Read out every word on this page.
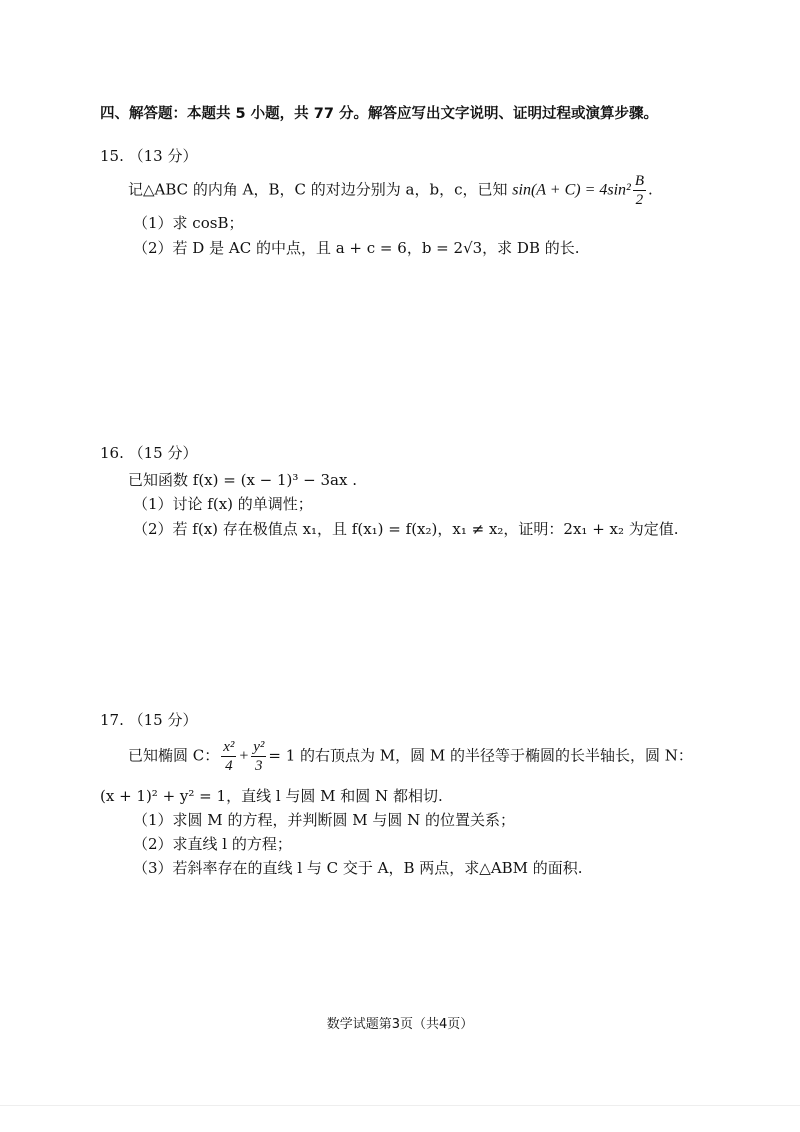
四、解答题：本题共 5 小题，共 77 分。解答应写出文字说明、证明过程或演算步骤。
15. （13 分）
记△ABC 的内角 A，B，C 的对边分别为 a，b，c，已知 $\sin(A + C) = 4\sin^2 \frac{B}{2}$ .
（1）求 cosB；
（2）若 D 是 AC 的中点，且 a + c = 6，b = 2√3，求 DB 的长.
16. （15 分）
已知函数 f(x) = (x − 1)³ − 3ax .
（1）讨论 f(x) 的单调性；
（2）若 f(x) 存在极值点 x₁，且 f(x₁) = f(x₂)，x₁ ≠ x₂，证明：2x₁ + x₂ 为定值.
17. （15 分）
已知椭圆 C： $\frac{\text{x²}}{4} + \frac{\text{y²}}{3} = 1$ 的右顶点为 M，圆 M 的半径等于椭圆的长半轴长，圆 N：
(x + 1)² + y² = 1，直线 l 与圆 M 和圆 N 都相切.
（1）求圆 M 的方程，并判断圆 M 与圆 N 的位置关系；
（2）求直线 l 的方程；
（3）若斜率存在的直线 l 与 C 交于 A，B 两点，求△ABM 的面积.
数学试题第3页（共4页）
